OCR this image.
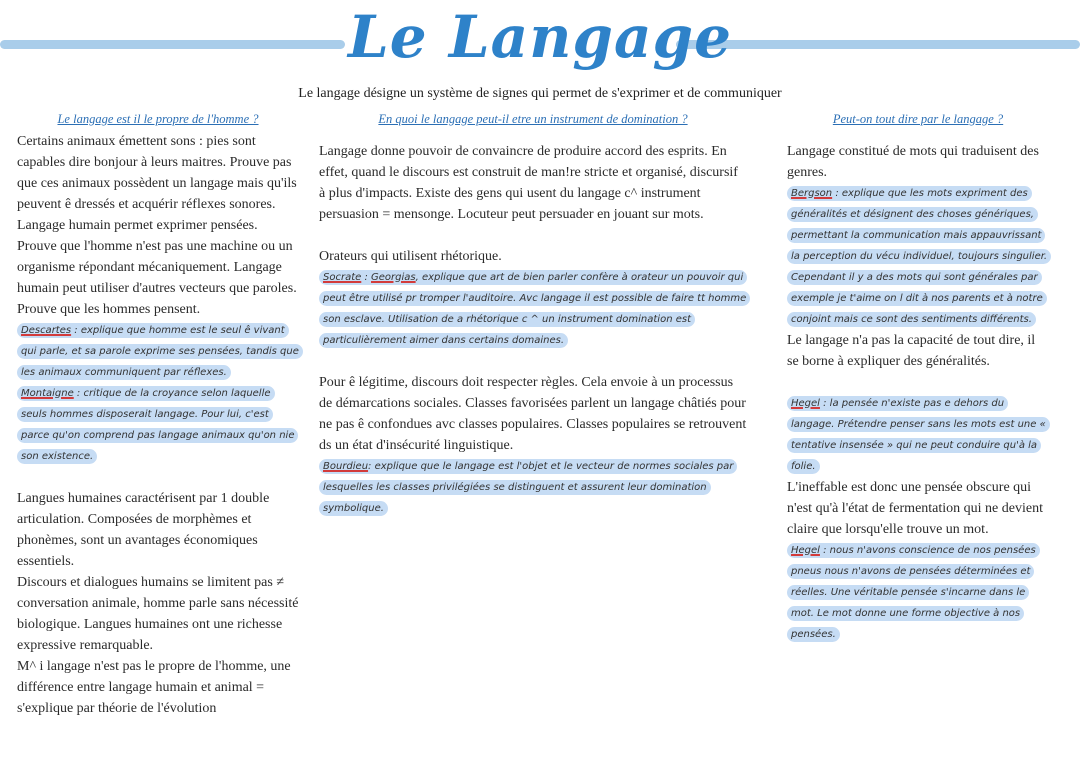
Le Langage
Le langage désigne un système de signes qui permet de s'exprimer et de communiquer
Le langage est il le propre de l'homme ?

Certains animaux émettent sons : pies sont capables dire bonjour à leurs maitres. Prouve pas que ces animaux possèdent un langage mais qu'ils peuvent ê dressés et acquérir réflexes sonores.

Langage humain permet exprimer pensées. Prouve que l'homme n'est pas une machine ou un organisme répondant mécaniquement. Langage humain peut utiliser d'autres vecteurs que paroles. Prouve que les hommes pensent.

Descartes : explique que homme est le seul ê vivant qui parle, et sa parole exprime ses pensées, tandis que les animaux communiquent par réflexes.

Montaigne : critique de la croyance selon laquelle seuls hommes disposerait langage. Pour lui, c'est parce qu'on comprend pas langage animaux qu'on nie son existence.

Langues humaines caractérisent par 1 double articulation. Composées de morphèmes et phonèmes, sont un avantages économiques essentiels.

Discours et dialogues humains se limitent pas ≠ conversation animale, homme parle sans nécessité biologique. Langues humaines ont une richesse expressive remarquable.

M^ i langage n'est pas le propre de l'homme, une différence entre langage humain et animal = s'explique par théorie de l'évolution

En quoi le langage peut-il etre un instrument de domination ?

Langage donne pouvoir de convaincre de produire accord des esprits. En effet, quand le discours est construit de man!re stricte et organisé, discursif à plus d'impacts. Existe des gens qui usent du langage c^ instrument persuasion = mensonge. Locuteur peut persuader en jouant sur mots.

Orateurs qui utilisent rhétorique.

Socrate : Georgias, explique que art de bien parler confère à orateur un pouvoir qui peut être utilisé pr tromper l'auditoire. Avc langage il est possible de faire tt homme son esclave. Utilisation de a rhétorique c ^ un instrument domination est particulièrement aimer dans certains domaines.

Pour ê légitime, discours doit respecter règles. Cela envoie à un processus de démarcations sociales. Classes favorisées parlent un langage châtiés pour ne pas ê confondues avc classes populaires. Classes populaires se retrouvent ds un état d'insécurité linguistique.

Bourdieu: explique que le langage est l'objet et le vecteur de normes sociales par lesquelles les classes privilégiées se distinguent et assurent leur domination symbolique.

Peut-on tout dire par le langage ?

Langage constitué de mots qui traduisent des genres.

Bergson : explique que les mots expriment des généralités et désignent des choses génériques, permettant la communication mais appauvrissant la perception du vécu individuel, toujours singulier. Cependant il y a des mots qui sont générales par exemple je t'aime on l dit à nos parents et à notre conjoint mais ce sont des sentiments différents.

Le langage n'a pas la capacité de tout dire, il se borne à expliquer des généralités.

Hegel : la pensée n'existe pas e dehors du langage. Prétendre penser sans les mots est une « tentative insensée » qui ne peut conduire qu'à la folie.

L'ineffable est donc une pensée obscure qui n'est qu'à l'état de fermentation qui ne devient claire que lorsqu'elle trouve un mot.

Hegel : nous n'avons conscience de nos pensées pneus nous n'avons de pensées déterminées et réelles. Une véritable pensée s'incarne dans le mot. Le mot donne une forme objective à nos pensées.
